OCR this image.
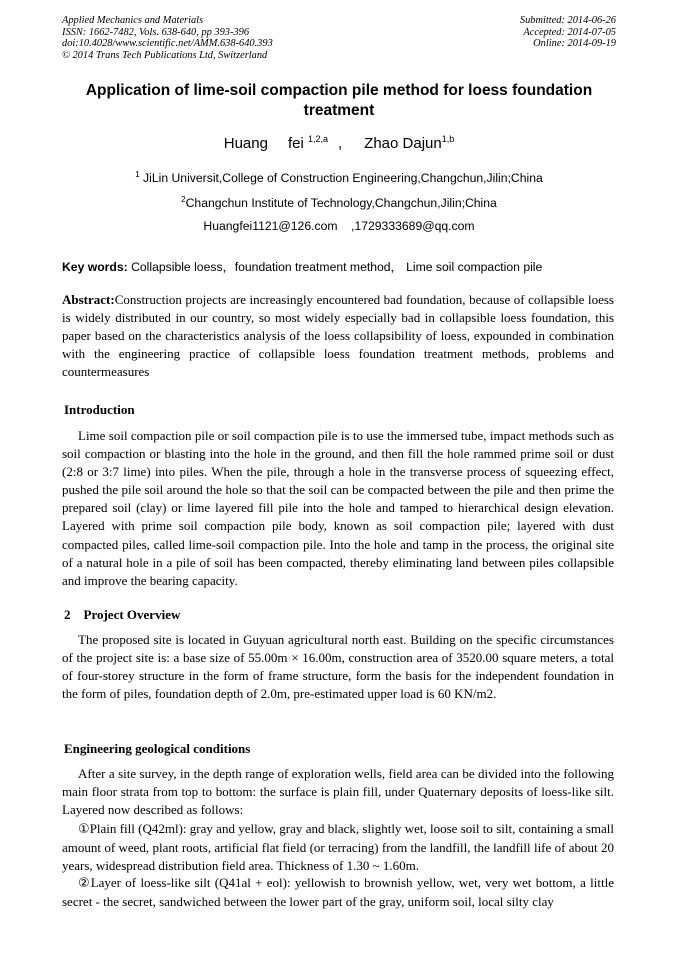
Applied Mechanics and Materials
ISSN: 1662-7482, Vols. 638-640, pp 393-396
doi:10.4028/www.scientific.net/AMM.638-640.393
© 2014 Trans Tech Publications Ltd, Switzerland
Submitted: 2014-06-26
Accepted: 2014-07-05
Online: 2014-09-19
Application of lime-soil compaction pile method for loess foundation treatment
Huang fei $^{1,2,a}$ , Zhao Dajun$^{1,b}$
$^1$ JiLin Universit,College of Construction Engineering,Changchun,Jilin;China
$^2$Changchun Institute of Technology,Changchun,Jilin;China
Huangfei1121@126.com    ,1729333689@qq.com
Key words: Collapsible loess，foundation treatment method， Lime soil compaction pile
Abstract:Construction projects are increasingly encountered bad foundation, because of collapsible loess is widely distributed in our country, so most widely especially bad in collapsible loess foundation, this paper based on the characteristics analysis of the loess collapsibility of loess, expounded in combination with the engineering practice of collapsible loess foundation treatment methods, problems and countermeasures
Introduction
Lime soil compaction pile or soil compaction pile is to use the immersed tube, impact methods such as soil compaction or blasting into the hole in the ground, and then fill the hole rammed prime soil or dust (2:8 or 3:7 lime) into piles. When the pile, through a hole in the transverse process of squeezing effect, pushed the pile soil around the hole so that the soil can be compacted between the pile and then prime the prepared soil (clay) or lime layered fill pile into the hole and tamped to hierarchical design elevation. Layered with prime soil compaction pile body, known as soil compaction pile; layered with dust compacted piles, called lime-soil compaction pile. Into the hole and tamp in the process, the original site of a natural hole in a pile of soil has been compacted, thereby eliminating land between piles collapsible and improve the bearing capacity.
2    Project Overview
The proposed site is located in Guyuan agricultural north east. Building on the specific circumstances of the project site is: a base size of 55.00m × 16.00m, construction area of 3520.00 square meters, a total of four-storey structure in the form of frame structure, form the basis for the independent foundation in the form of piles, foundation depth of 2.0m, pre-estimated upper load is 60 KN/m2.
Engineering geological conditions
After a site survey, in the depth range of exploration wells, field area can be divided into the following main floor strata from top to bottom: the surface is plain fill, under Quaternary deposits of loess-like silt. Layered now described as follows:
①Plain fill (Q42ml): gray and yellow, gray and black, slightly wet, loose soil to silt, containing a small amount of weed, plant roots, artificial flat field (or terracing) from the landfill, the landfill life of about 20 years, widespread distribution field area. Thickness of 1.30 ~ 1.60m.
②Layer of loess-like silt (Q41al + eol): yellowish to brownish yellow, wet, very wet bottom, a little secret - the secret, sandwiched between the lower part of the gray, uniform soil, local silty clay
